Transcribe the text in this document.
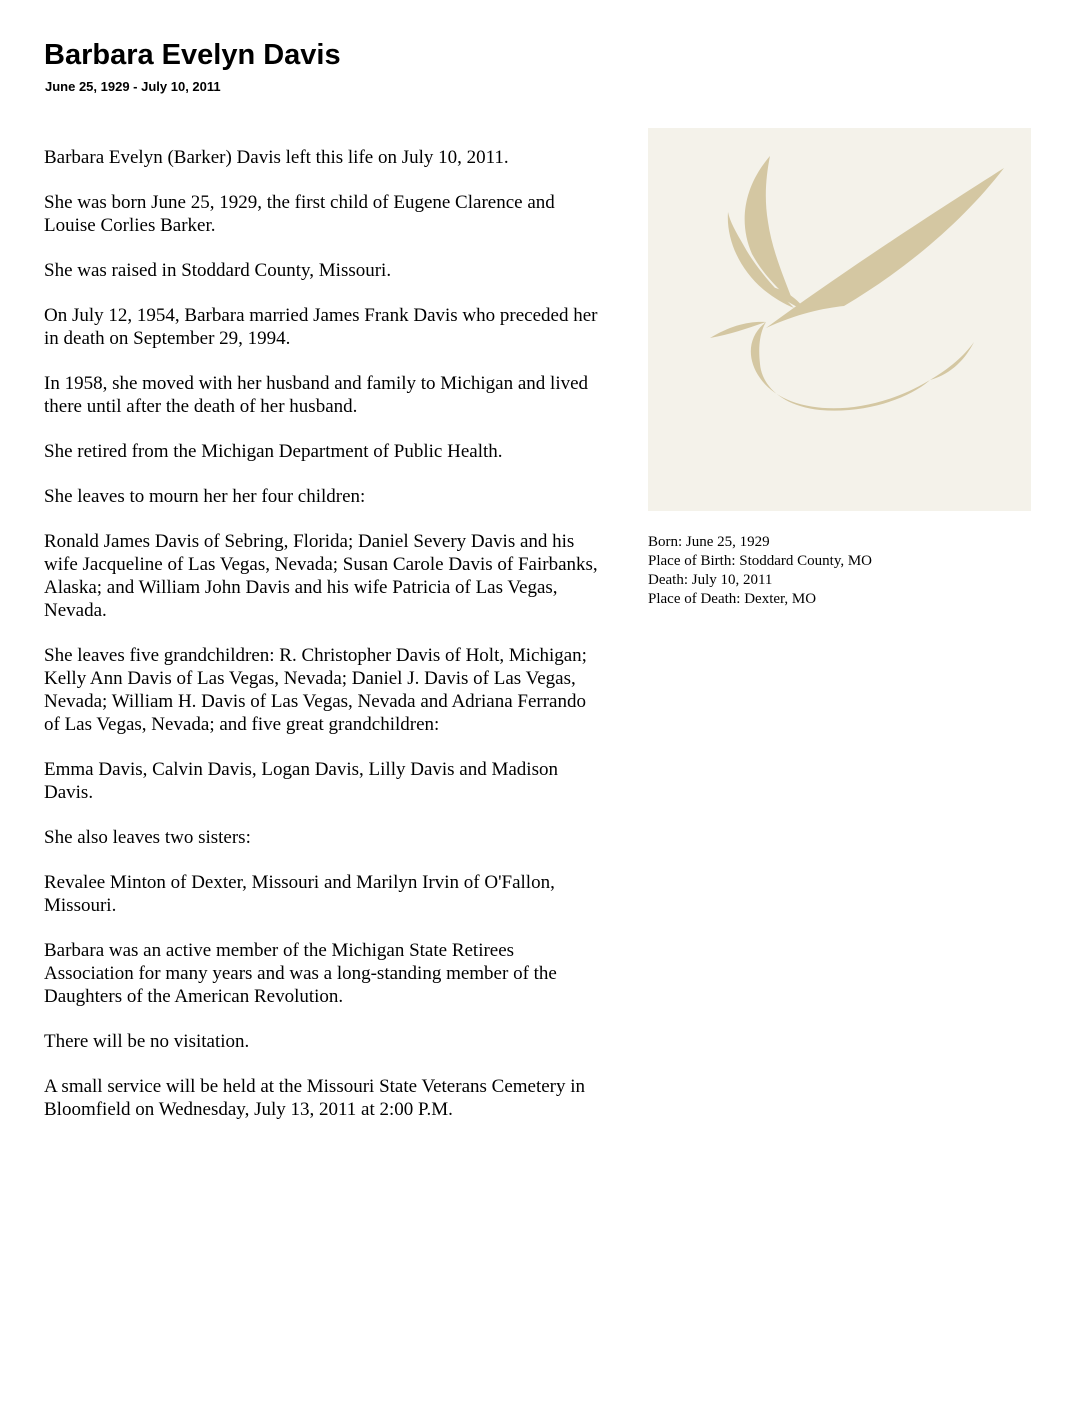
Barbara Evelyn Davis
June 25, 1929 - July 10, 2011

Barbara Evelyn (Barker) Davis left this life on July 10, 2011.

She was born June 25, 1929, the first child of Eugene Clarence and Louise Corlies Barker.

She was raised in Stoddard County, Missouri.

On July 12, 1954, Barbara married James Frank Davis who preceded her in death on September 29, 1994.

In 1958, she moved with her husband and family to Michigan and lived there until after the death of her husband.

She retired from the Michigan Department of Public Health.

She leaves to mourn her her four children:

Ronald James Davis of Sebring, Florida; Daniel Severy Davis and his wife Jacqueline of Las Vegas, Nevada; Susan Carole Davis of Fairbanks, Alaska; and William John Davis and his wife Patricia of Las Vegas, Nevada.

She leaves five grandchildren: R. Christopher Davis of Holt, Michigan; Kelly Ann Davis of Las Vegas, Nevada; Daniel J. Davis of Las Vegas, Nevada; William H. Davis of Las Vegas, Nevada and Adriana Ferrando of Las Vegas, Nevada; and five great grandchildren:

Emma Davis, Calvin Davis, Logan Davis, Lilly Davis and Madison Davis.

She also leaves two sisters:

Revalee Minton of Dexter, Missouri and Marilyn Irvin of O'Fallon, Missouri.

Barbara was an active member of the Michigan State Retirees Association for many years and was a long-standing member of the Daughters of the American Revolution.

There will be no visitation.

A small service will be held at the Missouri State Veterans Cemetery in Bloomfield on Wednesday, July 13, 2011 at 2:00 P.M.

Born: June 25, 1929
Place of Birth: Stoddard County, MO
Death: July 10, 2011
Place of Death: Dexter, MO
